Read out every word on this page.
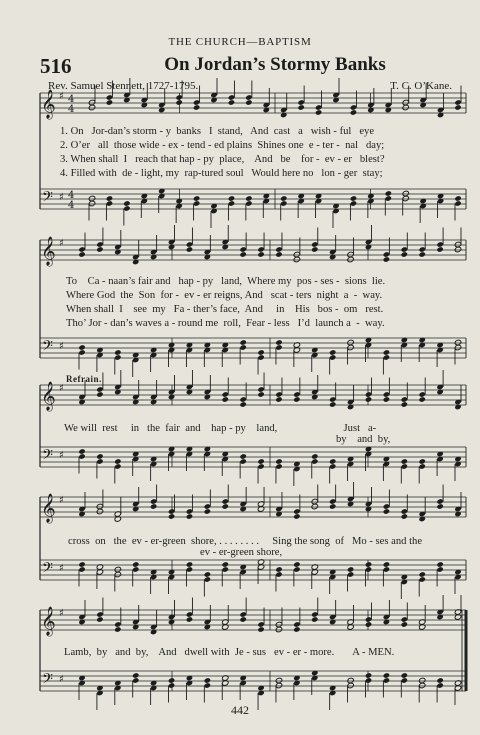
THE CHURCH—BAPTISM
516	On Jordan’s Stormy Banks
Rev. Samuel Stennett, 1727-1795.	T. C. O’Kane.
𝄞
𝄢
♯
♯
4
4
4
4
𝄞
𝄢
♯
♯
𝄞
𝄢
♯
♯
𝄞
𝄢
♯
♯
𝄞
𝄢
♯
♯
1. On   Jor-dan’s storm - y  banks   I  stand,   And  cast   a   wish - ful   eye
2. O’er   all  those wide - ex - tend - ed plains  Shines one  e - ter -  nal   day;
3. When shall  I   reach that hap - py  place,    And   be    for -  ev - er   blest?
4. Filled with  de - light, my  rap-tured soul   Would here no   lon - ger  stay;
To    Ca - naan’s fair and   hap - py   land,  Where my  pos - ses -  sions  lie.
Where God  the  Son  for -  ev - er reigns, And   scat - ters  night  a  -  way.
When shall  I    see  my   Fa - ther’s face,  And     in    His   bos -  om   rest.
Tho’ Jor - dan’s waves a - round me  roll,  Fear - less   I’d  launch a  -  way.
Refrain.
We will  rest     in   the  fair  and    hap - py    land,                         Just   a-
by    and  by,
cross  on   the  ev - er-green  shore, . . . . . . . .     Sing the song  of   Mo - ses and the
ev - er-green shore,
Lamb,  by   and  by,    And   dwell with  Je - sus   ev - er - more.       A - MEN.
442
